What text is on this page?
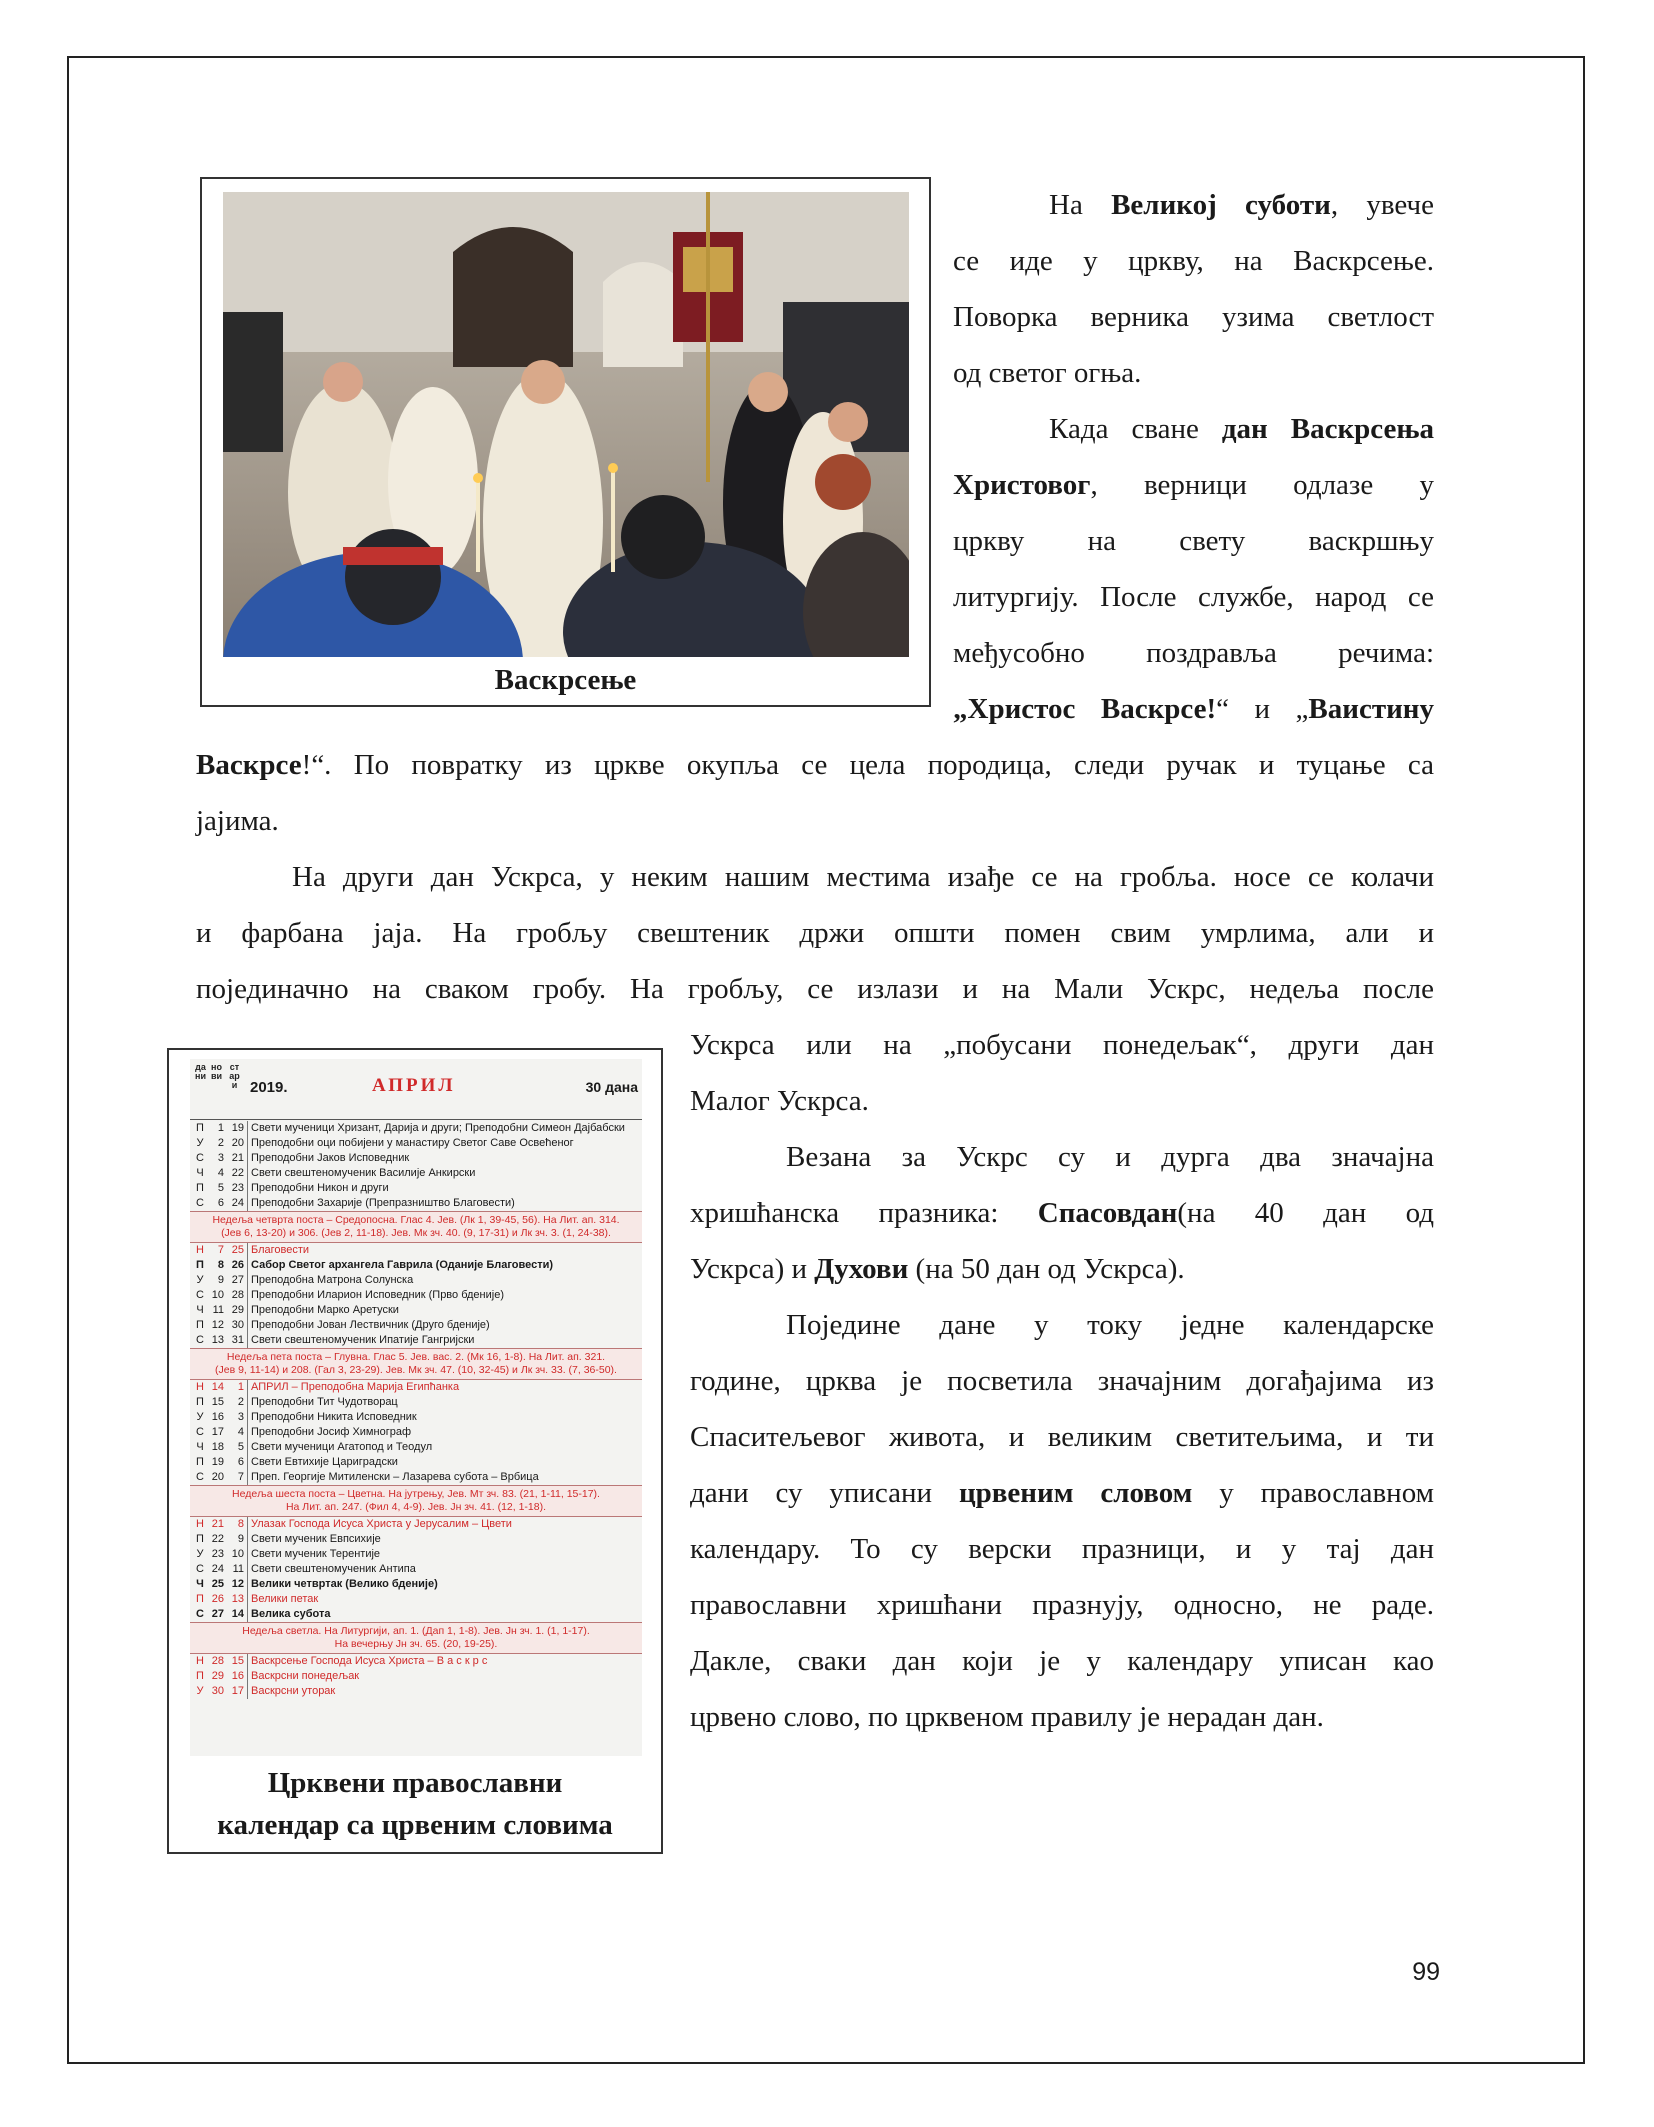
Васкрсење
На Великој суботи, увече
се иде у цркву, на Васкрсење.
Поворка верника узима светлост
од светог огња.
Када сване дан Васкрсења
Христовог, верници одлазе у
цркву на свету васкршњу
литургију. После службе, народ се
међусобно поздравља речима:
„Христос Васкрсе!“ и „Ваистину
Васкрсе!“. По повратку из цркве окупља се цела породица, следи ручак и туцање са
јајима.
На други дан Ускрса, у неким нашим местима изађе се на гробља. носе се колачи
и фарбана јаја. На гробљу свештеник држи општи помен свим умрлима, али и
појединачно на сваком гробу. На гробљу, се излази и на Мали Ускрс, недеља после
Ускрса или на „побусани понедељак“, други дан
Малог Ускрса.
Везана за Ускрс су и дурга два значајна
хришћанска празника: Спасовдан(на 40 дан од
Ускрса) и Духови (на 50 дан од Ускрса).
Поједине дане у току једне календарске
године, црква је посветила значајним догађајима из
Спаситељевог живота, и великим светитељима, и ти
дани су уписани црвеним словом у православном
календару. То су верски празници, и у тај дан
православни хришћани празнују, односно, не раде.
Дакле, сваки дан који је у календару уписан као
црвено слово, по црквеном правилу је нерадан дан.
дани
нови
стари 2019.	АПРИЛ	30 дана
П	1 19 Свети мученици Хризант, Дарија и други; Преподобни Симеон Дајбабски
У	2 20 Преподобни оци побијени у манастиру Светог Саве Освећеног
С	3 21 Преподобни Јаков Исповедник
Ч	4 22 Свети свештеномученик Василије Анкирски
П	5 23 Преподобни Никон и други
С	6 24 Преподобни Захарије (Препразништво Благовести)
Недеља четврта поста – Средопосна. Глас 4. Јев. (Лк 1, 39-45, 56). На Лит. ап. 314.
(Јев 6, 13-20) и 306. (Јев 2, 11-18). Јев. Мк зч. 40. (9, 17-31) и Лк зч. 3. (1, 24-38).
Н	7 25 Благовести
П	8 26 Сабор Светог архангела Гаврила (Оданије Благовести)
У	9 27 Преподобна Матрона Солунска
С 10 28 Преподобни Иларион Исповедник (Прво бденије)
Ч 11 29 Преподобни Марко Аретуски
П 12 30 Преподобни Јован Лествичник (Друго бденије)
С 13 31 Свети свештеномученик Ипатије Гангријски
Недеља пета поста – Глувна. Глас 5. Јев. вас. 2. (Мк 16, 1-8). На Лит. ап. 321.
(Јев 9, 11-14) и 208. (Гал 3, 23-29). Јев. Мк зч. 47. (10, 32-45) и Лк зч. 33. (7, 36-50).
Н 14	1 АПРИЛ – Преподобна Марија Египћанка
П 15	2 Преподобни Тит Чудотворац
У 16	3 Преподобни Никита Исповедник
С 17	4 Преподобни Јосиф Химнограф
Ч 18	5 Свети мученици Агатопод и Теодул
П 19	6 Свети Евтихије Цариградски
С 20	7 Преп. Георгије Митиленски – Лазарева субота – Врбица
Недеља шеста поста – Цветна. На јутрењу, Јев. Мт зч. 83. (21, 1-11, 15-17).
На Лит. ап. 247. (Фил 4, 4-9). Јев. Јн зч. 41. (12, 1-18).
Н 21	8 Улазак Господа Исуса Христа у Јерусалим – Цвети
П 22	9 Свети мученик Евпсихије
У 23 10 Свети мученик Терентије
С 24 11 Свети свештеномученик Антипа
Ч 25 12 Велики четвртак (Велико бденије)
П 26 13 Велики петак
С 27 14 Велика субота
Недеља светла. На Литургији, ап. 1. (Дап 1, 1-8). Јев. Јн зч. 1. (1, 1-17).
На вечерњу Јн зч. 65. (20, 19-25).
Н 28 15 Васкрсење Господа Исуса Христа – В а с к р с
П 29 16 Васкрсни понедељак
У 30 17 Васкрсни уторак
Црквени православни
календар са црвеним словима
99
